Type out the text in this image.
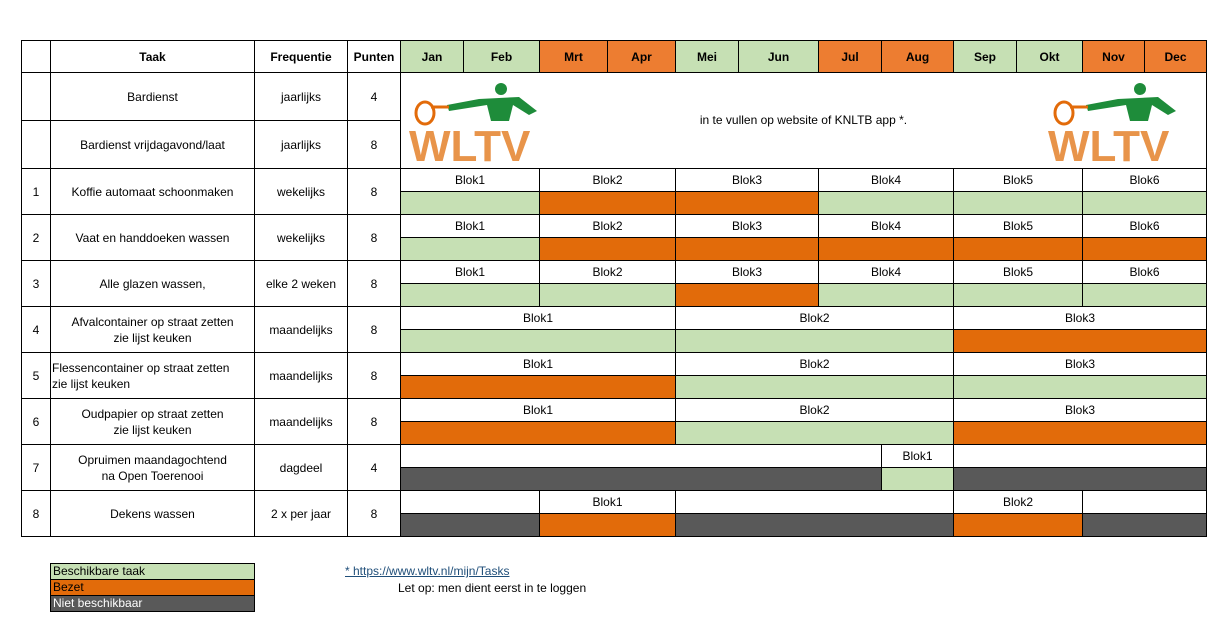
	Taak	Frequentie	Punten	Jan	Feb	Mrt	Apr	Mei	Jun	Jul	Aug	Sep	Okt	Nov	Dec
	Bardienst	jaarlijks	4	WLTV
in te vullen op website of KNLTB app *.
WLTV											

	Bardienst vrijdagavond/laat	jaarlijks	8												
1	Koffie automaat schoonmaken	wekelijks	8	Blok1		Blok2		Blok3		Blok4		Blok5		Blok6	

2	Vaat en handdoeken wassen	wekelijks	8	Blok1		Blok2		Blok3		Blok4		Blok5		Blok6	

3	Alle glazen wassen,	elke 2 weken	8	Blok1		Blok2		Blok3		Blok4		Blok5		Blok6	

4	Afvalcontainer op straat zetten
zie lijst keuken	maandelijks	8	Blok1				Blok2				Blok3			

5	Flessencontainer op straat zetten
zie lijst keuken	maandelijks	8	Blok1				Blok2				Blok3			

6	Oudpapier op straat zetten
zie lijst keuken	maandelijks	8	Blok1				Blok2				Blok3			

7	Opruimen maandagochtend
na Open Toerenooi	dagdeel	4								Blok1				

8	Dekens wassen	2 x per jaar	8			Blok1						Blok2			

Beschikbare taak
Bezet
Niet beschikbaar
* https://www.wltv.nl/mijn/Tasks
Let op: men dient eerst in te loggen
